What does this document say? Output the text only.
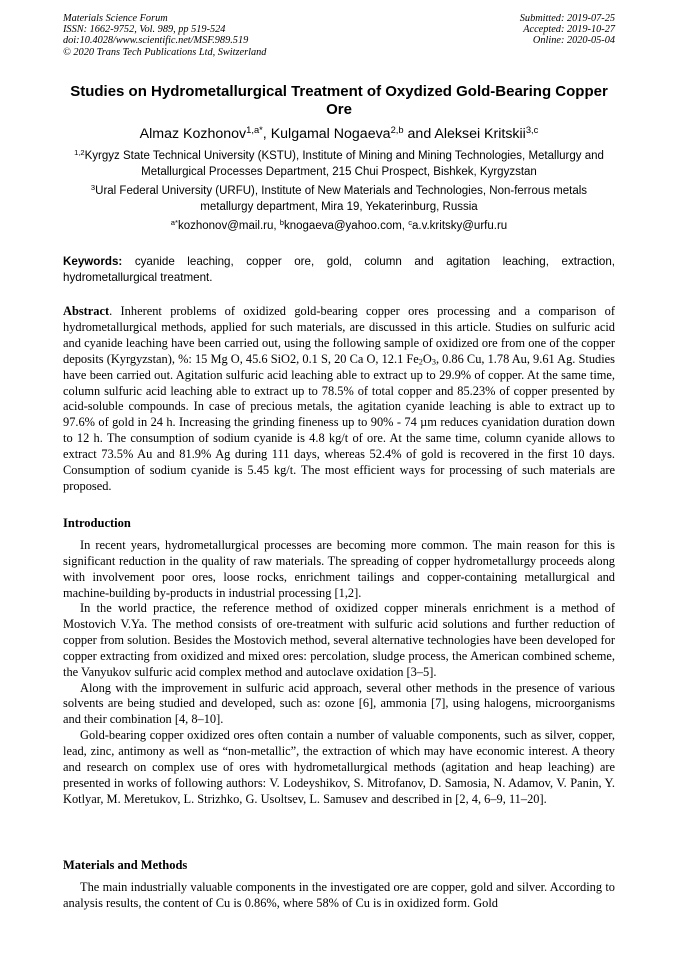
Materials Science Forum
ISSN: 1662-9752, Vol. 989, pp 519-524
doi:10.4028/www.scientific.net/MSF.989.519
© 2020 Trans Tech Publications Ltd, Switzerland
Submitted: 2019-07-25
Accepted: 2019-10-27
Online: 2020-05-04
Studies on Hydrometallurgical Treatment of Oxydized Gold-Bearing Copper Ore
Almaz Kozhonov$^{1,a*}$, Kulgamal Nogaeva$^{2,b}$ and Aleksei Kritskii$^{3,c}$
$^{1,2}$Kyrgyz State Technical University (KSTU), Institute of Mining and Mining Technologies, Metallurgy and Metallurgical Processes Department, 215 Chui Prospect, Bishkek, Kyrgyzstan
$^3$Ural Federal University (URFU), Institute of New Materials and Technologies, Non-ferrous metals metallurgy department, Mira 19, Yekaterinburg, Russia
$^{a*}$kozhonov@mail.ru, $^b$knogaeva@yahoo.com, $^c$a.v.kritsky@urfu.ru
Keywords: cyanide leaching, copper ore, gold, column and agitation leaching, extraction, hydrometallurgical treatment.
Abstract. Inherent problems of oxidized gold-bearing copper ores processing and a comparison of hydrometallurgical methods, applied for such materials, are discussed in this article. Studies on sulfuric acid and cyanide leaching have been carried out, using the following sample of oxidized ore from one of the copper deposits (Kyrgyzstan), %: 15 Mg O, 45.6 SiO2, 0.1 S, 20 Ca O, 12.1 $Fe_2O_3$, 0.86 Cu, 1.78 Au, 9.61 Ag. Studies have been carried out. Agitation sulfuric acid leaching able to extract up to 29.9% of copper. At the same time, column sulfuric acid leaching able to extract up to 78.5% of total copper and 85.23% of copper presented by acid-soluble compounds. In case of precious metals, the agitation cyanide leaching is able to extract up to 97.6% of gold in 24 h. Increasing the grinding fineness up to 90% - 74 µm reduces cyanidation duration down to 12 h. The consumption of sodium cyanide is 4.8 kg/t of ore. At the same time, column cyanide allows to extract 73.5% Au and 81.9% Ag during 111 days, whereas 52.4% of gold is recovered in the first 10 days. Consumption of sodium cyanide is 5.45 kg/t. The most efficient ways for processing of such materials are proposed.
Introduction

In recent years, hydrometallurgical processes are becoming more common. The main reason for this is significant reduction in the quality of raw materials. The spreading of copper hydrometallurgy proceeds along with involvement poor ores, loose rocks, enrichment tailings and copper-containing metallurgical and machine-building by-products in industrial processing [1,2].

In the world practice, the reference method of oxidized copper minerals enrichment is a method of Mostovich V.Ya. The method consists of ore-treatment with sulfuric acid solutions and further reduction of copper from solution. Besides the Mostovich method, several alternative technologies have been developed for copper extracting from oxidized and mixed ores: percolation, sludge process, the American combined scheme, the Vanyukov sulfuric acid complex method and autoclave oxidation [3–5].

Along with the improvement in sulfuric acid approach, several other methods in the presence of various solvents are being studied and developed, such as: ozone [6], ammonia [7], using halogens, microorganisms and their combination [4, 8–10].

Gold-bearing copper oxidized ores often contain a number of valuable components, such as silver, copper, lead, zinc, antimony as well as “non-metallic”, the extraction of which may have economic interest. A theory and research on complex use of ores with hydrometallurgical methods (agitation and heap leaching) are presented in works of following authors: V. Lodeyshikov, S. Mitrofanov, D. Samosia, N. Adamov, V. Panin, Y. Kotlyar, M. Meretukov, L. Strizhko, G. Usoltsev, L. Samusev and described in [2, 4, 6–9, 11–20].

Materials and Methods

The main industrially valuable components in the investigated ore are copper, gold and silver. According to analysis results, the content of Cu is 0.86%, where 58% of Cu is in oxidized form. Gold
